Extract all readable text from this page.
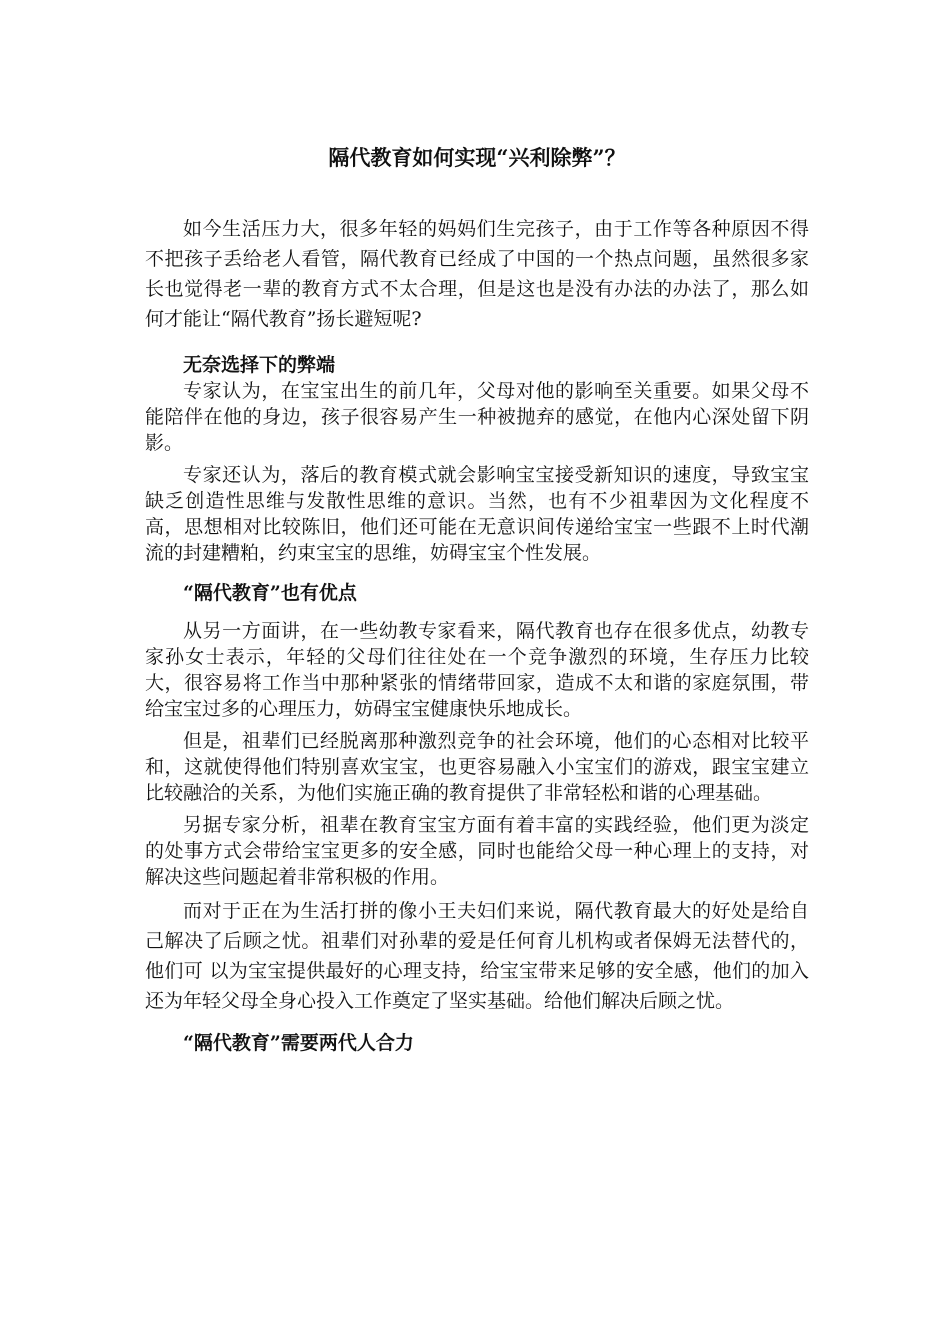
隔代教育如何实现“兴利除弊”？

如今生活压力大，很多年轻的妈妈们生完孩子，由于工作等各种原因不得不把孩子丢给老人看管，隔代教育已经成了中国的一个热点问题，虽然很多家长也觉得老一辈的教育方式不太合理，但是这也是没有办法的办法了，那么如何才能让“隔代教育”扬长避短呢?

无奈选择下的弊端

专家认为，在宝宝出生的前几年，父母对他的影响至关重要。如果父母不能陪伴在他的身边，孩子很容易产生一种被抛弃的感觉，在他内心深处留下阴影。

专家还认为，落后的教育模式就会影响宝宝接受新知识的速度，导致宝宝缺乏创造性思维与发散性思维的意识。当然，也有不少祖辈因为文化程度不高，思想相对比较陈旧，他们还可能在无意识间传递给宝宝一些跟不上时代潮流的封建糟粕，约束宝宝的思维，妨碍宝宝个性发展。

“隔代教育”也有优点

从另一方面讲，在一些幼教专家看来，隔代教育也存在很多优点，幼教专家孙女士表示，年轻的父母们往往处在一个竞争激烈的环境，生存压力比较大，很容易将工作当中那种紧张的情绪带回家，造成不太和谐的家庭氛围，带给宝宝过多的心理压力，妨碍宝宝健康快乐地成长。

但是，祖辈们已经脱离那种激烈竞争的社会环境，他们的心态相对比较平和，这就使得他们特别喜欢宝宝，也更容易融入小宝宝们的游戏，跟宝宝建立比较融洽的关系，为他们实施正确的教育提供了非常轻松和谐的心理基础。

另据专家分析，祖辈在教育宝宝方面有着丰富的实践经验，他们更为淡定的处事方式会带给宝宝更多的安全感，同时也能给父母一种心理上的支持，对解决这些问题起着非常积极的作用。

而对于正在为生活打拼的像小王夫妇们来说，隔代教育最大的好处是给自己解决了后顾之忧。祖辈们对孙辈的爱是任何育儿机构或者保姆无法替代的，他们可 以为宝宝提供最好的心理支持，给宝宝带来足够的安全感，他们的加入还为年轻父母全身心投入工作奠定了坚实基础。给他们解决后顾之忧。

“隔代教育”需要两代人合力
